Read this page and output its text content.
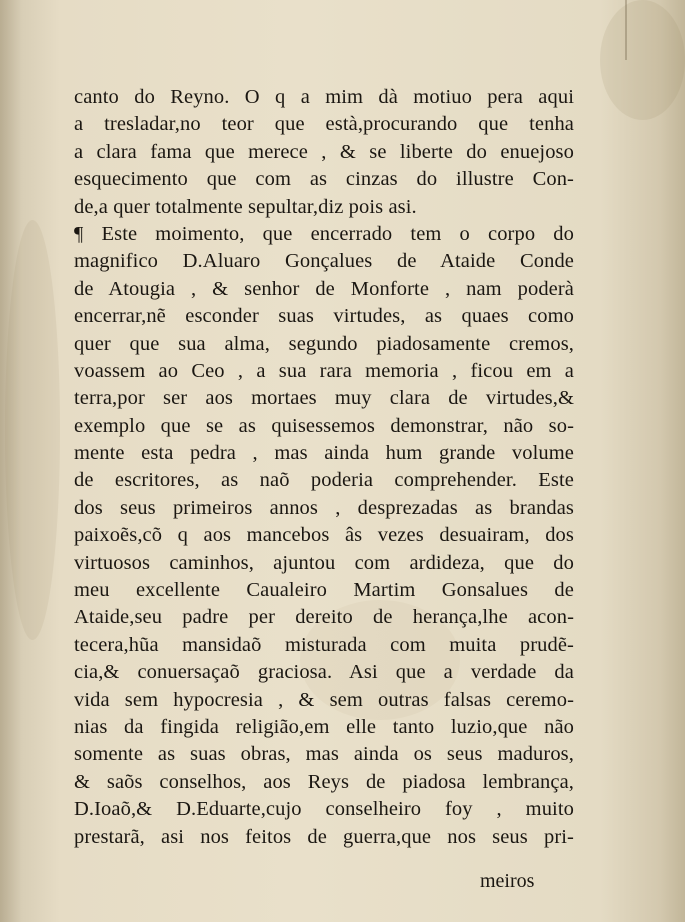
canto do Reyno. O q a mim dà motiuo pera aqui
a tresladar,no teor que està,procurando que tenha
a clara fama que merece , & se liberte do enuejoso
esquecimento que com as cinzas do illustre Con-
de,a quer totalmente sepultar,diz pois asi.
¶ Este moimento, que encerrado tem o corpo do
magnifico D.Aluaro Gonçalues de Ataide Conde
de Atougia , & senhor de Monforte , nam poderà
encerrar,nẽ esconder suas virtudes, as quaes como
quer que sua alma, segundo piadosamente cremos,
voassem ao Ceo , a sua rara memoria , ficou em a
terra,por ser aos mortaes muy clara de virtudes,&
exemplo que se as quisessemos demonstrar, não so-
mente esta pedra , mas ainda hum grande volume
de escritores, as naõ poderia comprehender. Este
dos seus primeiros annos , desprezadas as brandas
paixoẽs,cõ q aos mancebos âs vezes desuairam, dos
virtuosos caminhos, ajuntou com ardideza, que do
meu excellente Caualeiro Martim Gonsalues de
Ataide,seu padre per dereito de herança,lhe acon-
tecera,hũa mansidaõ misturada com muita prudẽ-
cia,& conuersaçaõ graciosa. Asi que a verdade da
vida sem hypocresia , & sem outras falsas ceremo-
nias da fingida religião,em elle tanto luzio,que não
somente as suas obras, mas ainda os seus maduros,
& saõs conselhos, aos Reys de piadosa lembrança,
D.Ioaõ,& D.Eduarte,cujo conselheiro foy , muito
prestarã, asi nos feitos de guerra,que nos seus pri-
meiros
